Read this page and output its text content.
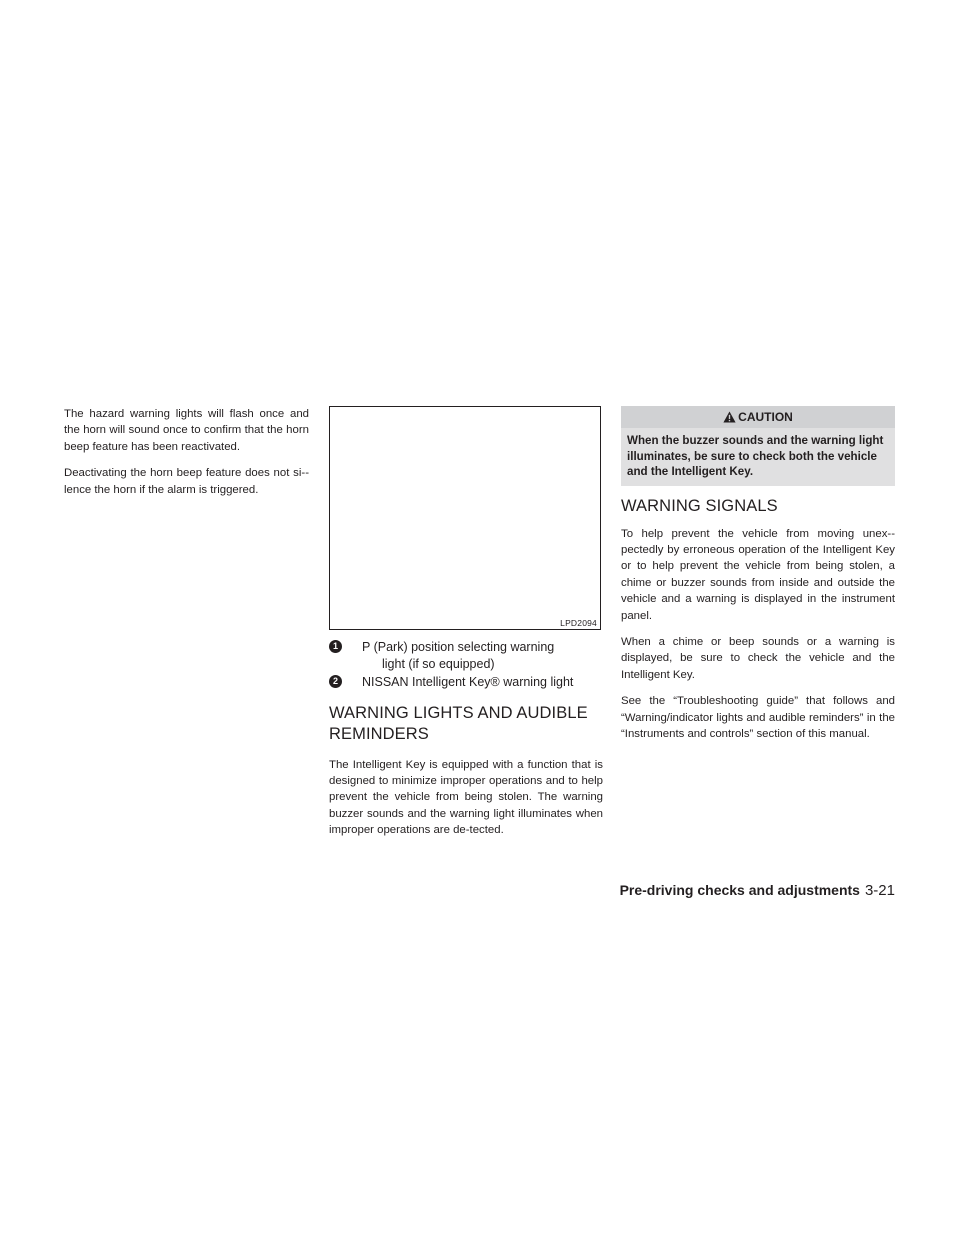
The hazard warning lights will flash once and the horn will sound once to confirm that the horn beep feature has been reactivated.

Deactivating the horn beep feature does not si-lence the horn if the alarm is triggered.

LPD2094
1	P (Park) position selecting warning
light (if so equipped)
2	NISSAN Intelligent Key® warning light
WARNING LIGHTS AND AUDIBLE REMINDERS

The Intelligent Key is equipped with a function that is designed to minimize improper operations and to help prevent the vehicle from being stolen. The warning buzzer sounds and the warning light illuminates when improper operations are de-tected.

CAUTION
When the buzzer sounds and the warning light illuminates, be sure to check both the vehicle and the Intelligent Key.
WARNING SIGNALS

To help prevent the vehicle from moving unex-pectedly by erroneous operation of the Intelligent Key or to help prevent the vehicle from being stolen, a chime or buzzer sounds from inside and outside the vehicle and a warning is displayed in the instrument panel.

When a chime or beep sounds or a warning is displayed, be sure to check the vehicle and the Intelligent Key.

See the “Troubleshooting guide” that follows and “Warning/indicator lights and audible reminders” in the “Instruments and controls” section of this manual.

Pre-driving checks and adjustments 3-21
